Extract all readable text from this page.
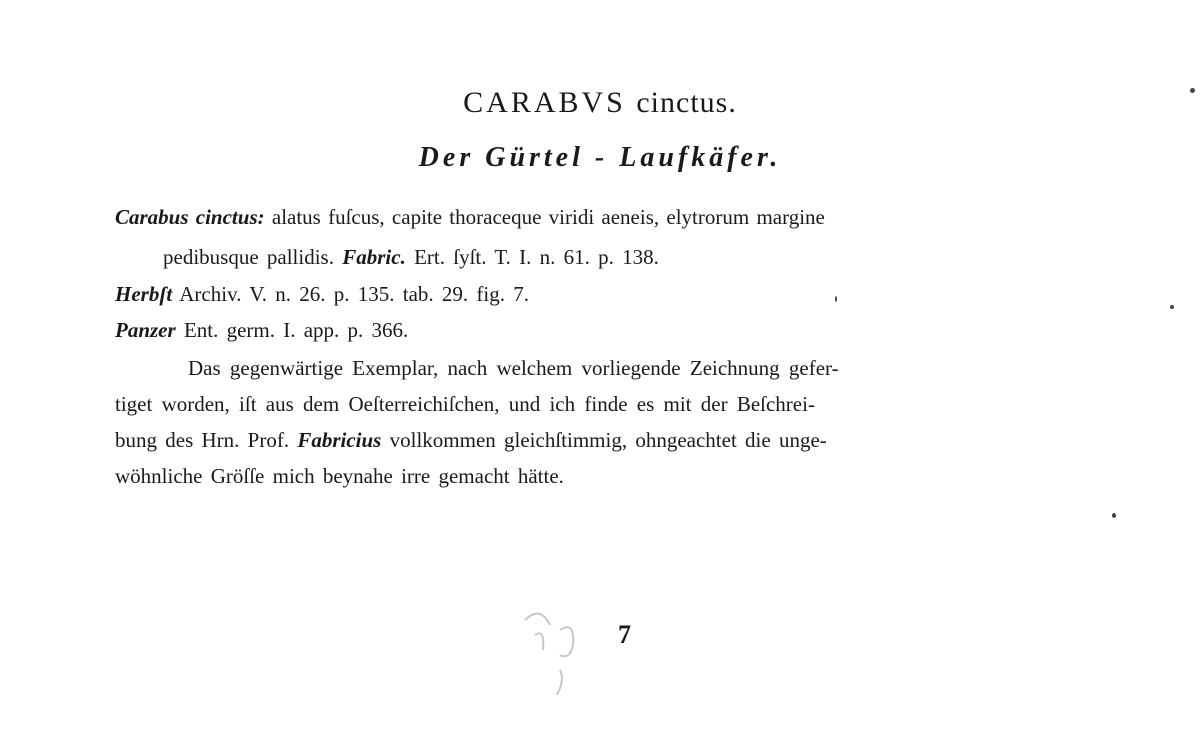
CARABVS cinctus.
Der Gürtel - Laufkäfer.
Carabus cinctus: alatus fuſcus, capite thoraceque viridi aeneis, elytrorum margine
pedibusque pallidis. Fabric. Ert. ſyſt. T. I. n. 61. p. 138.
Herbſt Archiv. V. n. 26. p. 135. tab. 29. fig. 7.
Panzer Ent. germ. I. app. p. 366.
Das gegenwärtige Exemplar, nach welchem vorliegende Zeichnung gefer-
tiget worden, iſt aus dem Oeſterreichiſchen, und ich finde es mit der Beſchrei-
bung des Hrn. Prof. Fabricius vollkommen gleichſtimmig, ohngeachtet die unge-
wöhnliche Gröſſe mich beynahe irre gemacht hätte.
7
